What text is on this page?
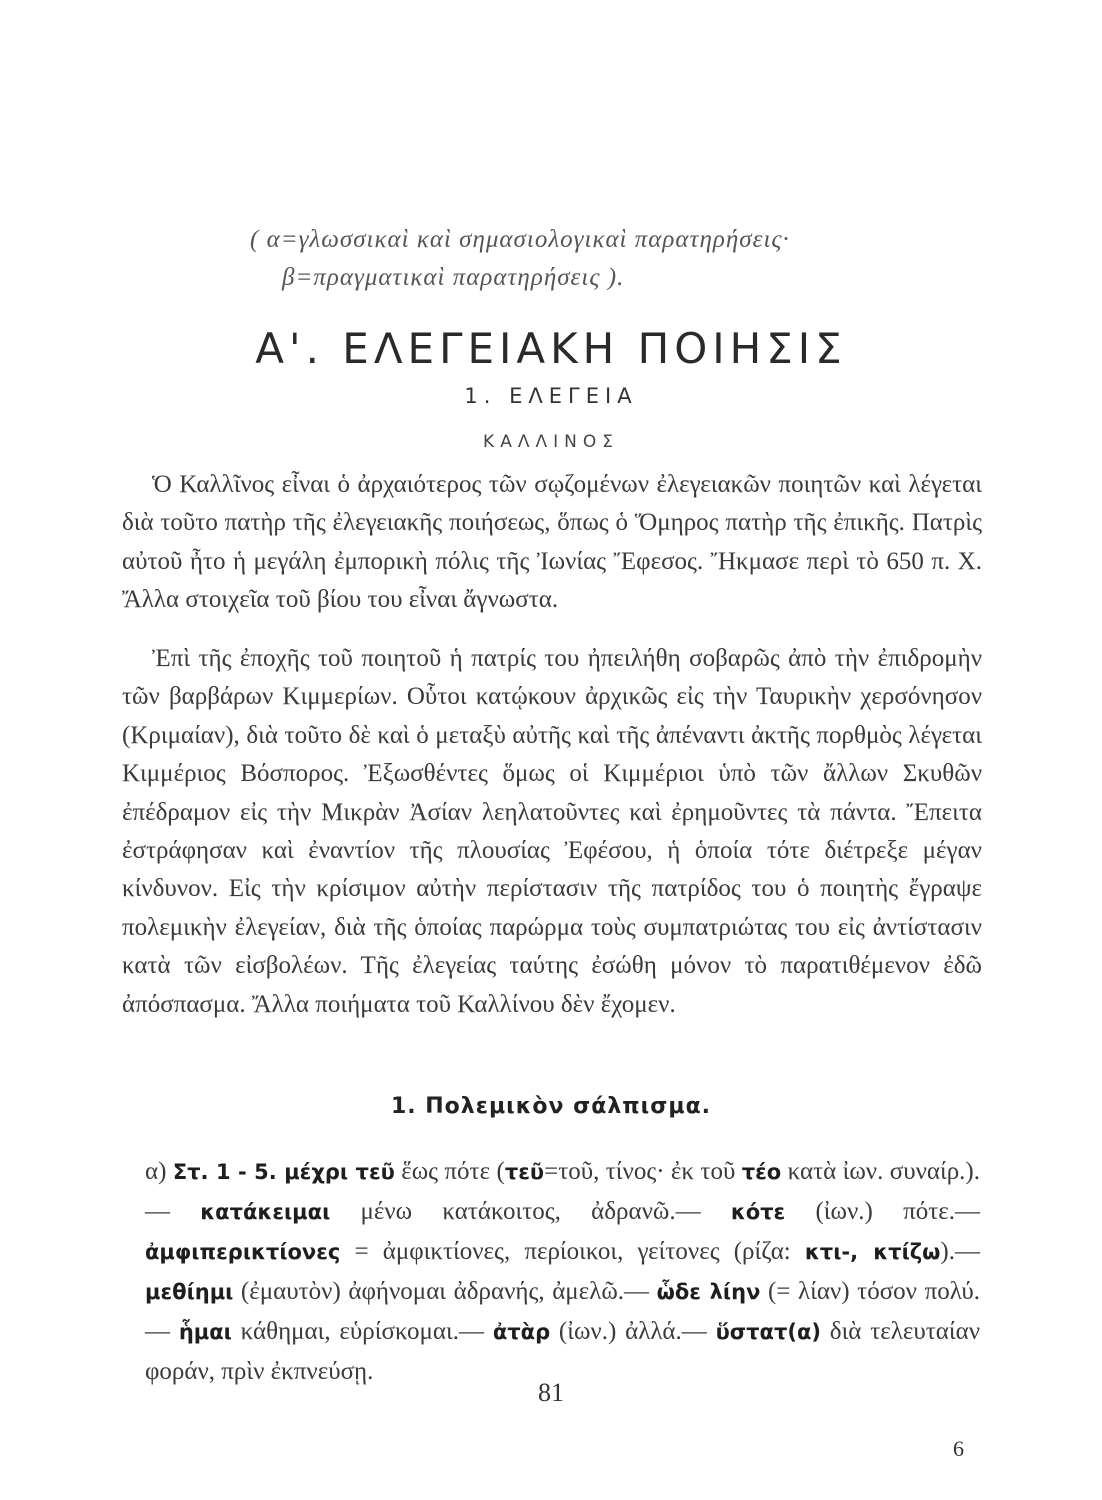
( α=γλωσσικαὶ καὶ σημασιολογικαὶ παρατηρήσεις·
β=πραγματικαὶ παρατηρήσεις ).
Α'. ΕΛΕΓΕΙΑΚΗ ΠΟΙΗΣΙΣ
1. ΕΛΕΓΕΙΑ
ΚΑΛΛΙΝΟΣ
Ὁ Καλλῖνος εἶναι ὁ ἀρχαιότερος τῶν σῳζομένων ἐλεγειακῶν ποιητῶν καὶ λέγεται διὰ τοῦτο πατὴρ τῆς ἐλεγειακῆς ποιήσεως, ὅπως ὁ Ὅμηρος πατὴρ τῆς ἐπικῆς. Πατρὶς αὐτοῦ ἦτο ἡ μεγάλη ἐμπορικὴ πόλις τῆς Ἰωνίας Ἔφεσος. Ἤκμασε περὶ τὸ 650 π. Χ. Ἄλλα στοιχεῖα τοῦ βίου του εἶναι ἄγνωστα.
Ἐπὶ τῆς ἐποχῆς τοῦ ποιητοῦ ἡ πατρίς του ἠπειλήθη σοβαρῶς ἀπὸ τὴν ἐπιδρομὴν τῶν βαρβάρων Κιμμερίων. Οὗτοι κατῴκουν ἀρχικῶς εἰς τὴν Ταυρικὴν χερσόνησον (Κριμαίαν), διὰ τοῦτο δὲ καὶ ὁ μεταξὺ αὐτῆς καὶ τῆς ἀπέναντι ἀκτῆς πορθμὸς λέγεται Κιμμέριος Βόσπορος. Ἐξωσθέντες ὅμως οἱ Κιμμέριοι ὑπὸ τῶν ἄλλων Σκυθῶν ἐπέδραμον εἰς τὴν Μικρὰν Ἀσίαν λεηλατοῦντες καὶ ἐρημοῦντες τὰ πάντα. Ἔπειτα ἐστράφησαν καὶ ἐναντίον τῆς πλουσίας Ἐφέσου, ἡ ὁποία τότε διέτρεξε μέγαν κίνδυνον. Εἰς τὴν κρίσιμον αὐτὴν περίστασιν τῆς πατρίδος του ὁ ποιητὴς ἔγραψε πολεμικὴν ἐλεγείαν, διὰ τῆς ὁποίας παρώρμα τοὺς συμπατριώτας του εἰς ἀντίστασιν κατὰ τῶν εἰσβολέων. Τῆς ἐλεγείας ταύτης ἐσώθη μόνον τὸ παρατιθέμενον ἐδῶ ἀπόσπασμα. Ἄλλα ποιήματα τοῦ Καλλίνου δὲν ἔχομεν.
1. Πολεμικὸν σάλπισμα.
α) Στ. 1 - 5. μέχρι τεῦ ἕως πότε (τεῦ=τοῦ, τίνος· ἐκ τοῦ τέο κατὰ ἰων. συναίρ.).— κατάκειμαι μένω κατάκοιτος, ἀδρανῶ.— κότε (ἰων.) πότε.—ἀμφιπερικτίονες = ἀμφικτίονες, περίοικοι, γείτονες (ρίζα: κτι-, κτίζω).— μεθίημι (ἐμαυτὸν) ἀφήνομαι ἀδρανής, ἀμελῶ.— ὧδε λίην (= λίαν) τόσον πολύ.— ἧμαι κάθημαι, εὑρίσκομαι.— ἀτὰρ (ἰων.) ἀλλά.— ὕστατ(α) διὰ τελευταίαν φοράν, πρὶν ἐκπνεύσῃ.
81
6
